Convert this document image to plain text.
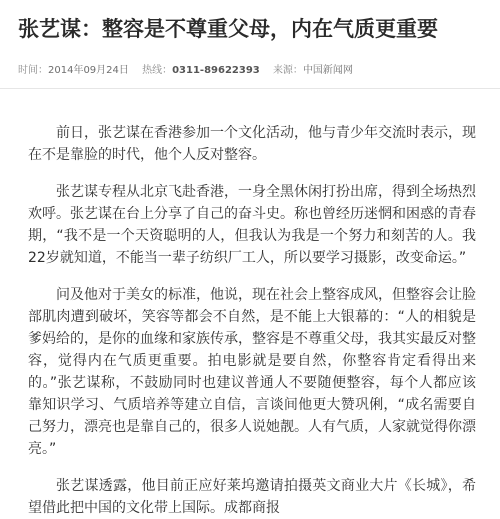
张艺谋：整容是不尊重父母，内在气质更重要
时间：2014年09月24日 热线：0311-89622393 来源：中国新闻网

前日，张艺谋在香港参加一个文化活动，他与青少年交流时表示，现在不是靠脸的时代，他个人反对整容。

张艺谋专程从北京飞赴香港，一身全黑休闲打扮出席，得到全场热烈欢呼。张艺谋在台上分享了自己的奋斗史。称也曾经历迷惘和困惑的青春期，“我不是一个天资聪明的人，但我认为我是一个努力和刻苦的人。我22岁就知道，不能当一辈子纺织厂工人，所以要学习摄影，改变命运。”

问及他对于美女的标准，他说，现在社会上整容成风，但整容会让脸部肌肉遭到破坏，笑容等都会不自然，是不能上大银幕的：“人的相貌是爹妈给的，是你的血缘和家族传承，整容是不尊重父母，我其实最反对整容，觉得内在气质更重要。拍电影就是要自然，你整容肯定看得出来的。”张艺谋称，不鼓励同时也建议普通人不要随便整容，每个人都应该靠知识学习、气质培养等建立自信，言谈间他更大赞巩俐，“成名需要自己努力，漂亮也是靠自己的，很多人说她靓。人有气质，人家就觉得你漂亮。”

张艺谋透露，他目前正应好莱坞邀请拍摄英文商业大片《长城》，希望借此把中国的文化带上国际。成都商报
